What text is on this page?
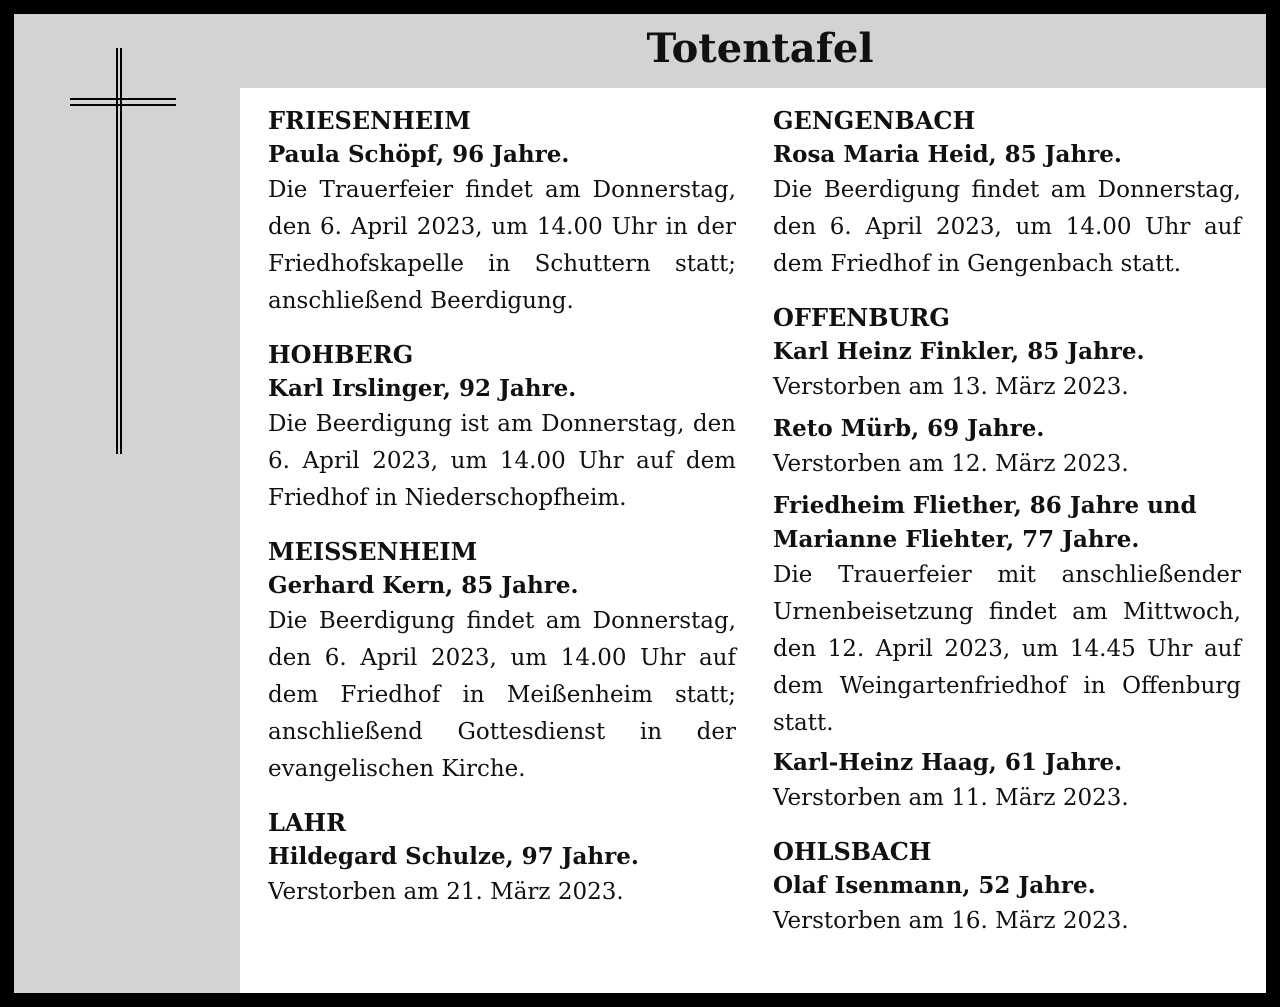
Totentafel
FRIESENHEIM
Paula Schöpf, 96 Jahre.
Die Trauerfeier findet am Donnerstag, den 6. April 2023, um 14.00 Uhr in der Friedhofskapelle in Schuttern statt; anschließend Beerdigung.
HOHBERG
Karl Irslinger, 92 Jahre.
Die Beerdigung ist am Donnerstag, den 6. April 2023, um 14.00 Uhr auf dem Friedhof in Niederschopfheim.
MEISSENHEIM
Gerhard Kern, 85 Jahre.
Die Beerdigung findet am Donnerstag, den 6. April 2023, um 14.00 Uhr auf dem Friedhof in Meißenheim statt; anschließend Gottesdienst in der evangelischen Kirche.
LAHR
Hildegard Schulze, 97 Jahre.
Verstorben am 21. März 2023.
GENGENBACH
Rosa Maria Heid, 85 Jahre.
Die Beerdigung findet am Donnerstag, den 6. April 2023, um 14.00 Uhr auf dem Friedhof in Gengenbach statt.
OFFENBURG
Karl Heinz Finkler, 85 Jahre.
Verstorben am 13. März 2023.
Reto Mürb, 69 Jahre.
Verstorben am 12. März 2023.
Friedheim Fliether, 86 Jahre und Marianne Fliehter, 77 Jahre.
Die Trauerfeier mit anschließender Urnenbeisetzung findet am Mittwoch, den 12. April 2023, um 14.45 Uhr auf dem Weingartenfriedhof in Offenburg statt.
Karl-Heinz Haag, 61 Jahre.
Verstorben am 11. März 2023.
OHLSBACH
Olaf Isenmann, 52 Jahre.
Verstorben am 16. März 2023.
